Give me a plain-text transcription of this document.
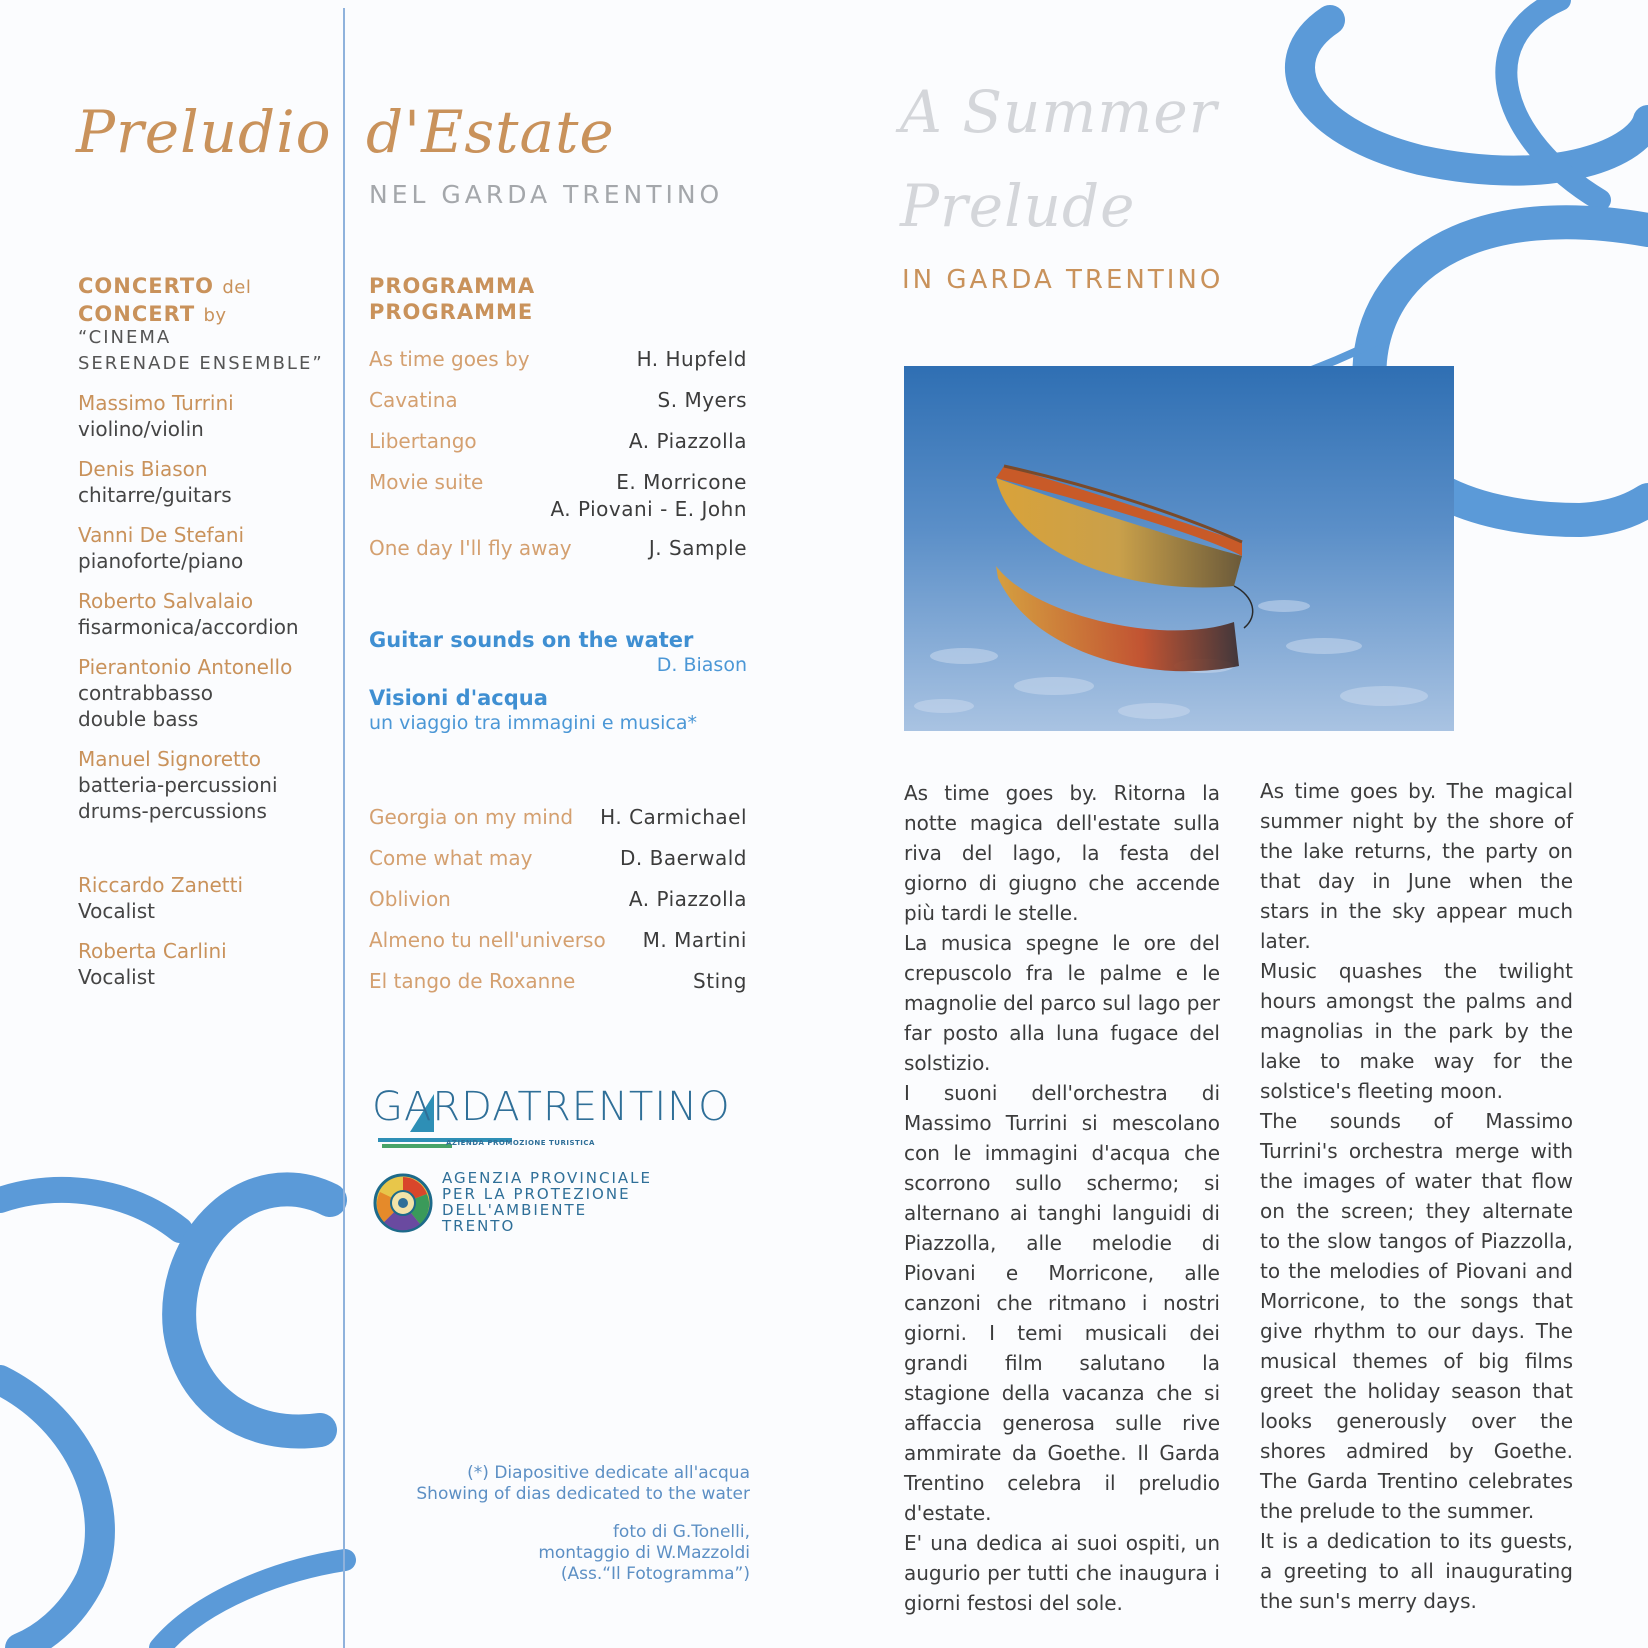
Preludio d'Estate
NEL GARDA TRENTINO
A Summer
Prelude
IN GARDA TRENTINO
CONCERTO del
CONCERT by
“CINEMA
SERENADE ENSEMBLE”
Massimo Turrini
violino/violin
Denis Biason
chitarre/guitars
Vanni De Stefani
pianoforte/piano
Roberto Salvalaio
fisarmonica/accordion
Pierantonio Antonello
contrabbasso
double bass
Manuel Signoretto
batteria-percussioni
drums-percussions
Riccardo Zanetti
Vocalist
Roberta Carlini
Vocalist
PROGRAMMA
PROGRAMME
As time goes by	H. Hupfeld
Cavatina	S. Myers
Libertango	A. Piazzolla
Movie suite	E. Morricone
A. Piovani - E. John
One day I'll fly away	J. Sample
Guitar sounds on the water
D. Biason
Visioni d'acqua
un viaggio tra immagini e musica*
Georgia on my mind H. Carmichael
Come what may	D. Baerwald
Oblivion	A. Piazzolla
Almeno tu nell'universo M. Martini
El tango de Roxanne	Sting
GARDATRENTINO
AZIENDA PROMOZIONE TURISTICA
AGENZIA PROVINCIALE
PER LA PROTEZIONE
DELL'AMBIENTE
TRENTO
(*) Diapositive dedicate all'acqua
Showing of dias dedicated to the water
foto di G.Tonelli,
montaggio di W.Mazzoldi
(Ass.“Il Fotogramma”)

As time goes by. Ritorna la notte magica dell'estate sulla riva del lago, la festa del giorno di giugno che accende più tardi le stelle.

La musica spegne le ore del crepuscolo fra le palme e le magnolie del parco sul lago per far posto alla luna fugace del solstizio.

I suoni dell'orchestra di Massimo Turrini si mescolano con le immagini d'acqua che scorrono sullo schermo; si alternano ai tanghi languidi di Piazzolla, alle melodie di Piovani e Morricone, alle canzoni che ritmano i nostri giorni. I temi musicali dei grandi film salutano la stagione della vacanza che si affaccia generosa sulle rive ammirate da Goethe. Il Garda Trentino celebra il preludio d'estate.

E' una dedica ai suoi ospiti, un augurio per tutti che inaugura i giorni festosi del sole.

As time goes by. The magical summer night by the shore of the lake returns, the party on that day in June when the stars in the sky appear much later.

Music quashes the twilight hours amongst the palms and magnolias in the park by the lake to make way for the solstice's fleeting moon.

The sounds of Massimo Turrini's orchestra merge with the images of water that flow on the screen; they alternate to the slow tangos of Piazzolla, to the melodies of Piovani and Morricone, to the songs that give rhythm to our days. The musical themes of big films greet the holiday season that looks generously over the shores admired by Goethe. The Garda Trentino celebrates the prelude to the summer.

It is a dedication to its guests, a greeting to all inaugurating the sun's merry days.
